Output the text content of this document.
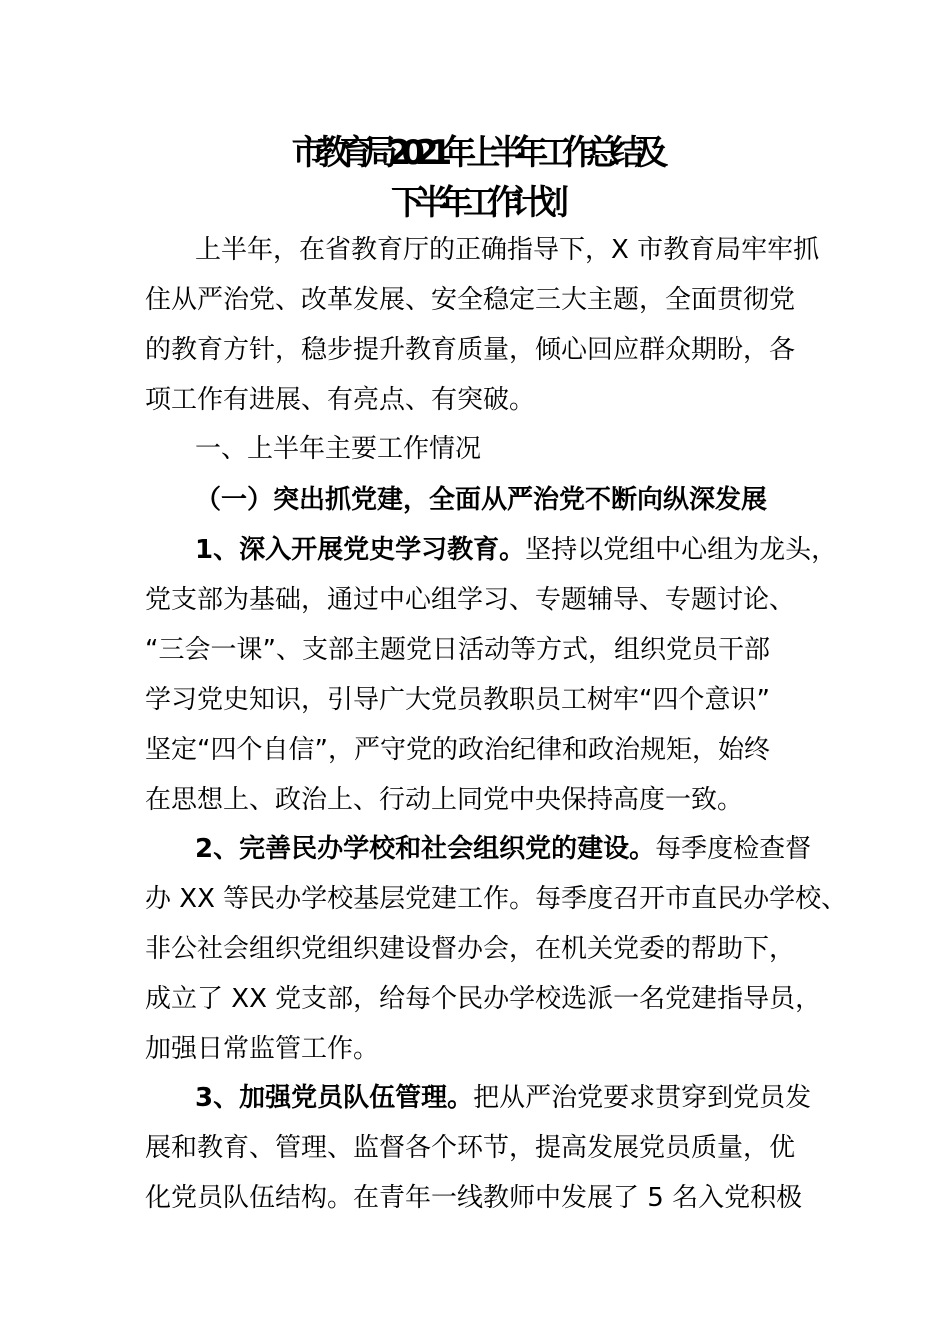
市教育局2021年上半年工作总结及
下半年工作计划
上半年，在省教育厅的正确指导下，X 市教育局牢牢抓
住从严治党、改革发展、安全稳定三大主题，全面贯彻党
的教育方针，稳步提升教育质量，倾心回应群众期盼，各
项工作有进展、有亮点、有突破。
一、上半年主要工作情况
（一）突出抓党建，全面从严治党不断向纵深发展
1、深入开展党史学习教育。坚持以党组中心组为龙头，
党支部为基础，通过中心组学习、专题辅导、专题讨论、
“三会一课”、支部主题党日活动等方式，组织党员干部
学习党史知识，引导广大党员教职员工树牢“四个意识”
坚定“四个自信”，严守党的政治纪律和政治规矩，始终
在思想上、政治上、行动上同党中央保持高度一致。
2、完善民办学校和社会组织党的建设。每季度检查督
办 XX 等民办学校基层党建工作。每季度召开市直民办学校、
非公社会组织党组织建设督办会，在机关党委的帮助下，
成立了 XX 党支部，给每个民办学校选派一名党建指导员，
加强日常监管工作。
3、加强党员队伍管理。把从严治党要求贯穿到党员发
展和教育、管理、监督各个环节，提高发展党员质量，优
化党员队伍结构。在青年一线教师中发展了 5 名入党积极
